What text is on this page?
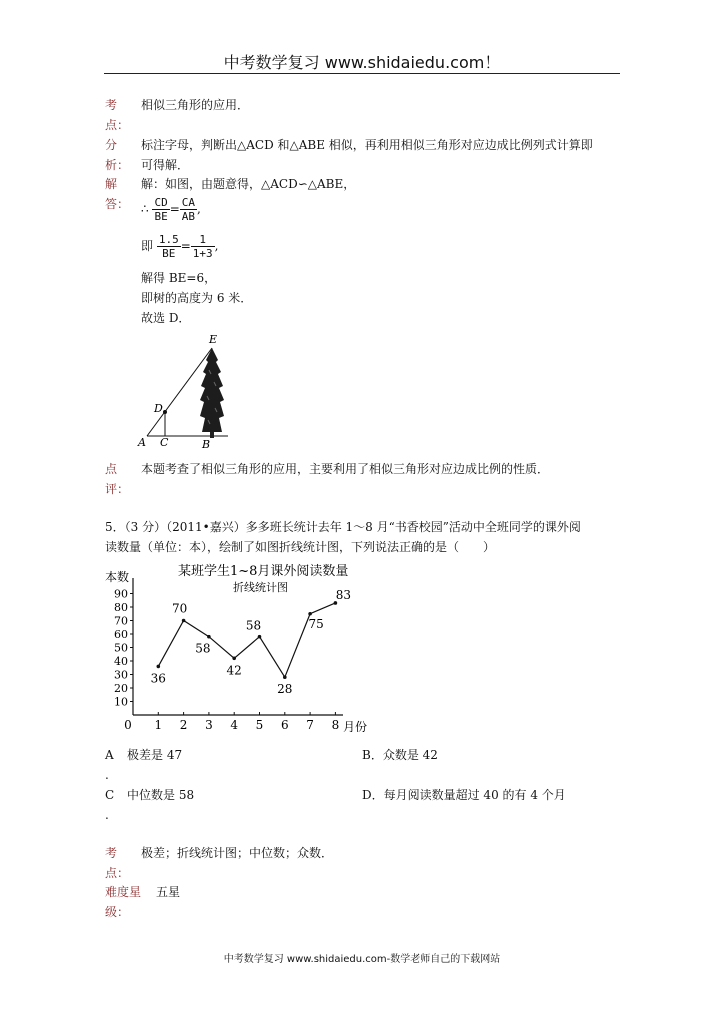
中考数学复习 www.shidaiedu.com！
考
点：
相似三角形的应用．
分
析：
标注字母，判断出△ACD 和△ABE 相似，再利用相似三角形对应边成比例列式计算即
可得解．
解
答：
解：如图，由题意得，△ACD∽△ABE，
∴ $\frac{CD}{BE} = \frac{CA}{AB}$ ,
即 $\frac{1.5}{BE} = \frac{1}{1+3}$ ,
解得 BE=6，
即树的高度为 6 米．
故选 D．
E
D
A C	B
点
评：
本题考查了相似三角形的应用，主要利用了相似三角形对应边成比例的性质．
5．（3 分）（2011•嘉兴）多多班长统计去年 1～8 月“书香校园”活动中全班同学的课外阅
读数量（单位：本），绘制了如图折线统计图，下列说法正确的是（　　）
某班学生1~8月课外阅读数量
折线统计图
本数
月份
0
10
20
30
40
50
60
70
80
90
1 2 3 4 5 6 7 8
36
70
58
42
58
28
75
83
A
.
极差是 47	B．众数是 42
C
.
中位数是 58	D．每月阅读数量超过 40 的有 4 个月
考
点：
极差；折线统计图；中位数；众数．
难度星
级：
五星
中考数学复习 www.shidaiedu.com-数学老师自己的下载网站
